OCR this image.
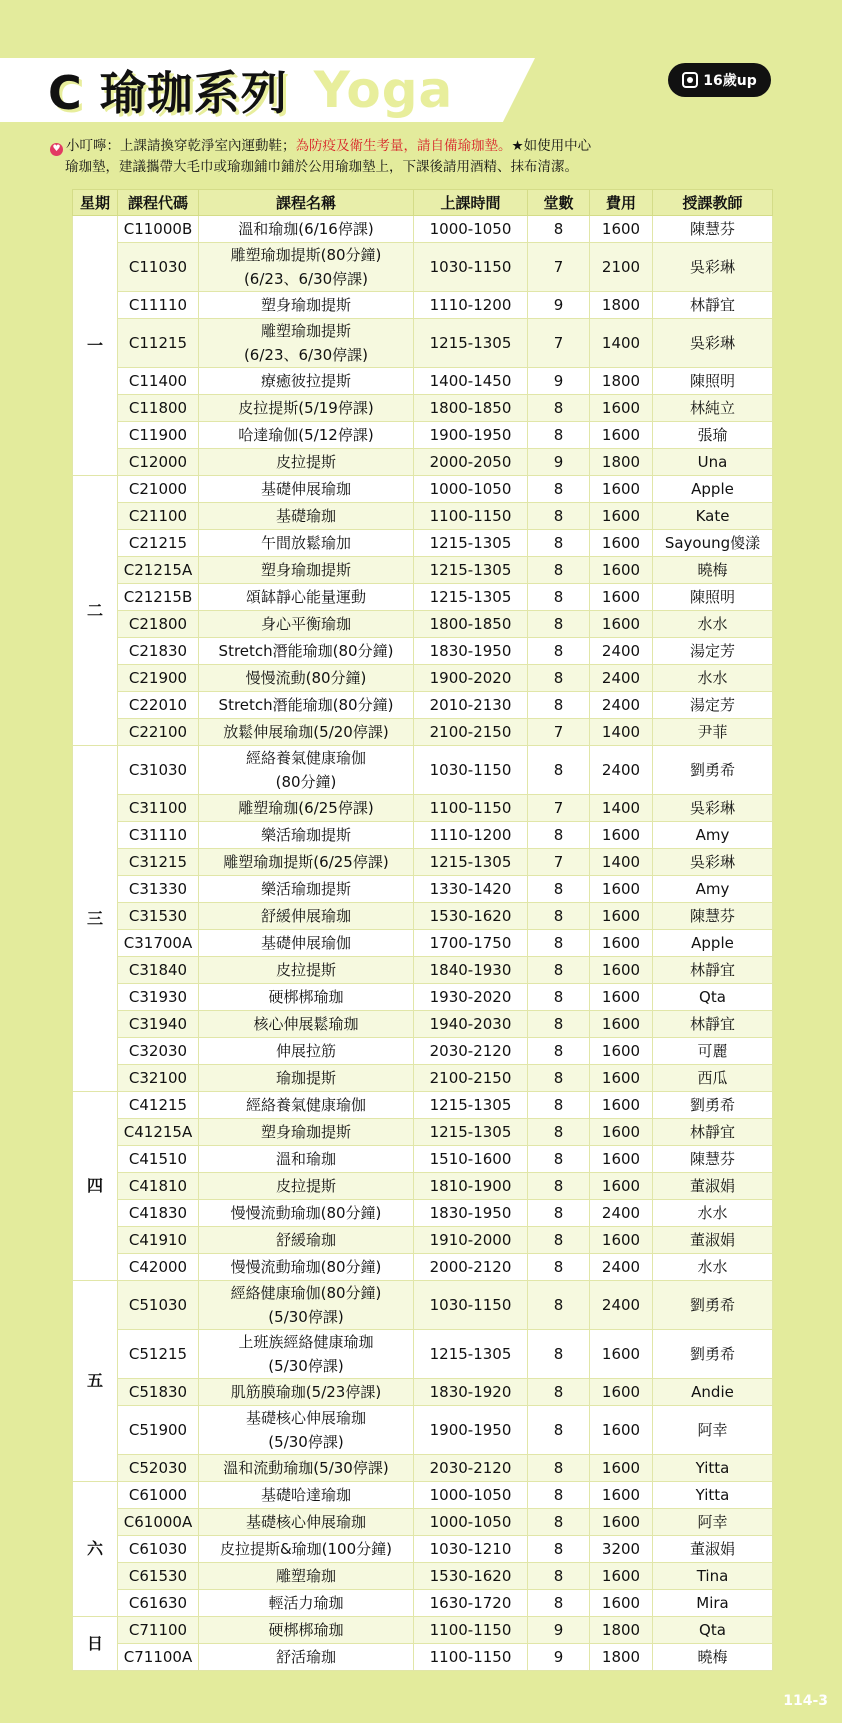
C 瑜珈系列 Yoga	16歲up
♥ 小叮嚀：上課請換穿乾淨室內運動鞋；為防疫及衛生考量，請自備瑜珈墊。★如使用中心
瑜珈墊，建議攜帶大毛巾或瑜珈鋪巾鋪於公用瑜珈墊上，下課後請用酒精、抹布清潔。
星期	課程代碼	課程名稱	上課時間	堂數	費用	授課教師
一	C11000B	溫和瑜珈(6/16停課)	1000-1050	8	1600	陳慧芬
	C11030	雕塑瑜珈提斯(80分鐘)
(6/23、6/30停課)	1030-1150	7	2100	吳彩琳
	C11110	塑身瑜珈提斯	1110-1200	9	1800	林靜宜
	C11215	雕塑瑜珈提斯
(6/23、6/30停課)	1215-1305	7	1400	吳彩琳
	C11400	療癒彼拉提斯	1400-1450	9	1800	陳照明
	C11800	皮拉提斯(5/19停課)	1800-1850	8	1600	林純立
	C11900	哈達瑜伽(5/12停課)	1900-1950	8	1600	張瑜
	C12000	皮拉提斯	2000-2050	9	1800	Una
二	C21000	基礎伸展瑜珈	1000-1050	8	1600	Apple
	C21100	基礎瑜珈	1100-1150	8	1600	Kate
	C21215	午間放鬆瑜加	1215-1305	8	1600	Sayoung傻漾
	C21215A	塑身瑜珈提斯	1215-1305	8	1600	曉梅
	C21215B	頌缽靜心能量運動	1215-1305	8	1600	陳照明
	C21800	身心平衡瑜珈	1800-1850	8	1600	水水
	C21830	Stretch潛能瑜珈(80分鐘)	1830-1950	8	2400	湯定芳
	C21900	慢慢流動(80分鐘)	1900-2020	8	2400	水水
	C22010	Stretch潛能瑜珈(80分鐘)	2010-2130	8	2400	湯定芳
	C22100	放鬆伸展瑜珈(5/20停課)	2100-2150	7	1400	尹菲
三	C31030	經絡養氣健康瑜伽
(80分鐘)	1030-1150	8	2400	劉勇希
	C31100	雕塑瑜珈(6/25停課)	1100-1150	7	1400	吳彩琳
	C31110	樂活瑜珈提斯	1110-1200	8	1600	Amy
	C31215	雕塑瑜珈提斯(6/25停課)	1215-1305	7	1400	吳彩琳
	C31330	樂活瑜珈提斯	1330-1420	8	1600	Amy
	C31530	舒緩伸展瑜珈	1530-1620	8	1600	陳慧芬
	C31700A	基礎伸展瑜伽	1700-1750	8	1600	Apple
	C31840	皮拉提斯	1840-1930	8	1600	林靜宜
	C31930	硬梆梆瑜珈	1930-2020	8	1600	Qta
	C31940	核心伸展鬆瑜珈	1940-2030	8	1600	林靜宜
	C32030	伸展拉筋	2030-2120	8	1600	可麗
	C32100	瑜珈提斯	2100-2150	8	1600	西瓜
四	C41215	經絡養氣健康瑜伽	1215-1305	8	1600	劉勇希
	C41215A	塑身瑜珈提斯	1215-1305	8	1600	林靜宜
	C41510	溫和瑜珈	1510-1600	8	1600	陳慧芬
	C41810	皮拉提斯	1810-1900	8	1600	董淑娟
	C41830	慢慢流動瑜珈(80分鐘)	1830-1950	8	2400	水水
	C41910	舒緩瑜珈	1910-2000	8	1600	董淑娟
	C42000	慢慢流動瑜珈(80分鐘)	2000-2120	8	2400	水水
五	C51030	經絡健康瑜伽(80分鐘)
(5/30停課)	1030-1150	8	2400	劉勇希
	C51215	上班族經絡健康瑜珈
(5/30停課)	1215-1305	8	1600	劉勇希
	C51830	肌筋膜瑜珈(5/23停課)	1830-1920	8	1600	Andie
	C51900	基礎核心伸展瑜珈
(5/30停課)	1900-1950	8	1600	阿幸
	C52030	溫和流動瑜珈(5/30停課)	2030-2120	8	1600	Yitta
六	C61000	基礎哈達瑜珈	1000-1050	8	1600	Yitta
	C61000A	基礎核心伸展瑜珈	1000-1050	8	1600	阿幸
	C61030	皮拉提斯&瑜珈(100分鐘)	1030-1210	8	3200	董淑娟
	C61530	雕塑瑜珈	1530-1620	8	1600	Tina
	C61630	輕活力瑜珈	1630-1720	8	1600	Mira
日	C71100	硬梆梆瑜珈	1100-1150	9	1800	Qta
	C71100A	舒活瑜珈	1100-1150	9	1800	曉梅
114-3
